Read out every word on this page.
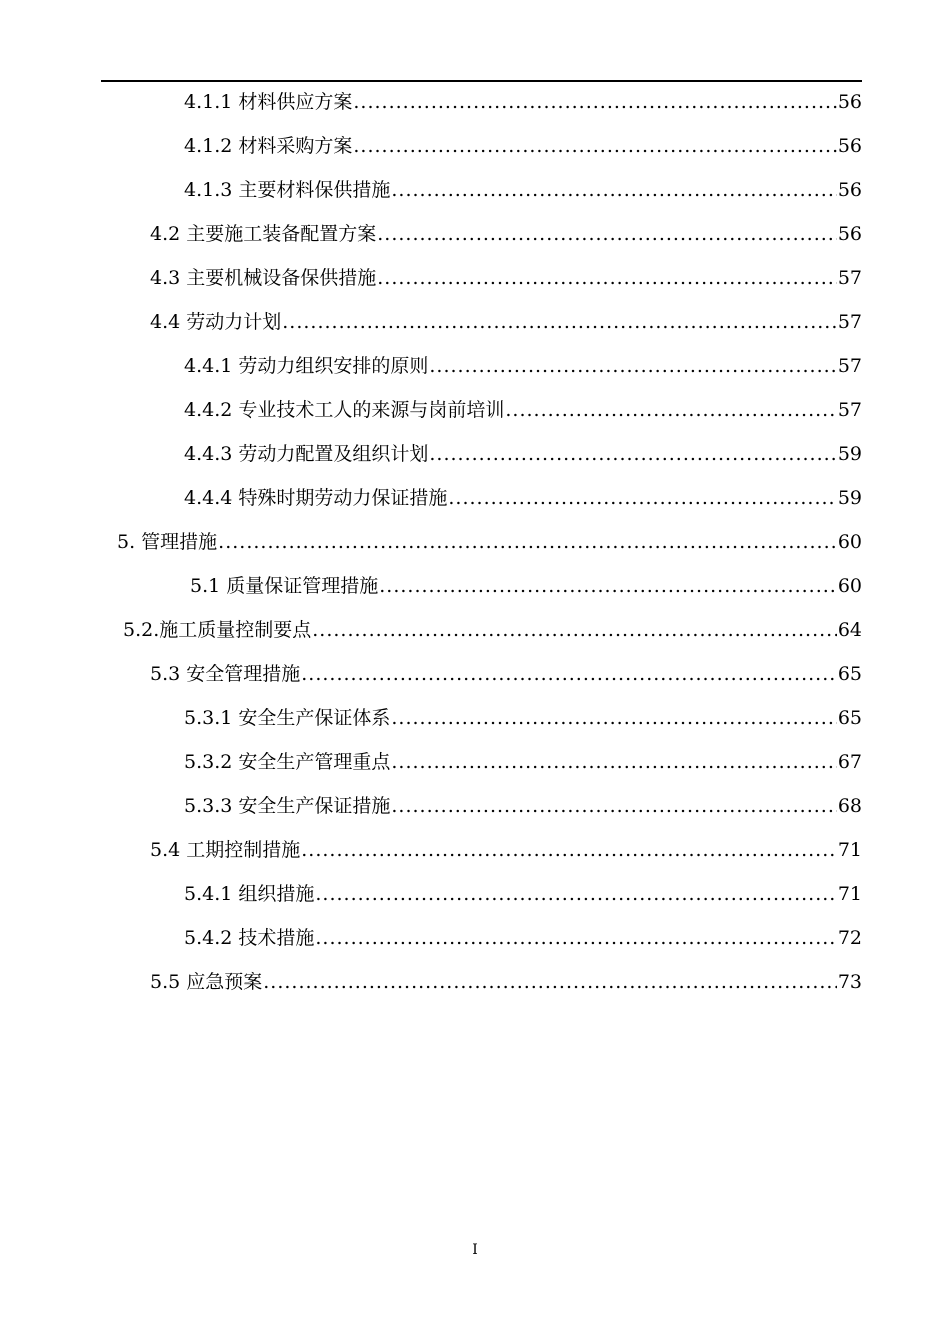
4.1.1 材料供应方案 .....	56
4.1.2 材料采购方案 .....	56
4.1.3 主要材料保供措施 .....	56
4.2 主要施工装备配置方案 .....	56
4.3 主要机械设备保供措施 .....	57
4.4 劳动力计划 .....	57
4.4.1 劳动力组织安排的原则 .....	57
4.4.2 专业技术工人的来源与岗前培训 .....	57
4.4.3 劳动力配置及组织计划 .....	59
4.4.4 特殊时期劳动力保证措施 .....	59
5. 管理措施 .....	60
5.1 质量保证管理措施 .....	60
5.2.施工质量控制要点 .....	64
5.3 安全管理措施 .....	65
5.3.1 安全生产保证体系 .....	65
5.3.2 安全生产管理重点 .....	67
5.3.3 安全生产保证措施 .....	68
5.4 工期控制措施 .....	71
5.4.1 组织措施 .....	71
5.4.2 技术措施 .....	72
5.5 应急预案 .....	73
I
